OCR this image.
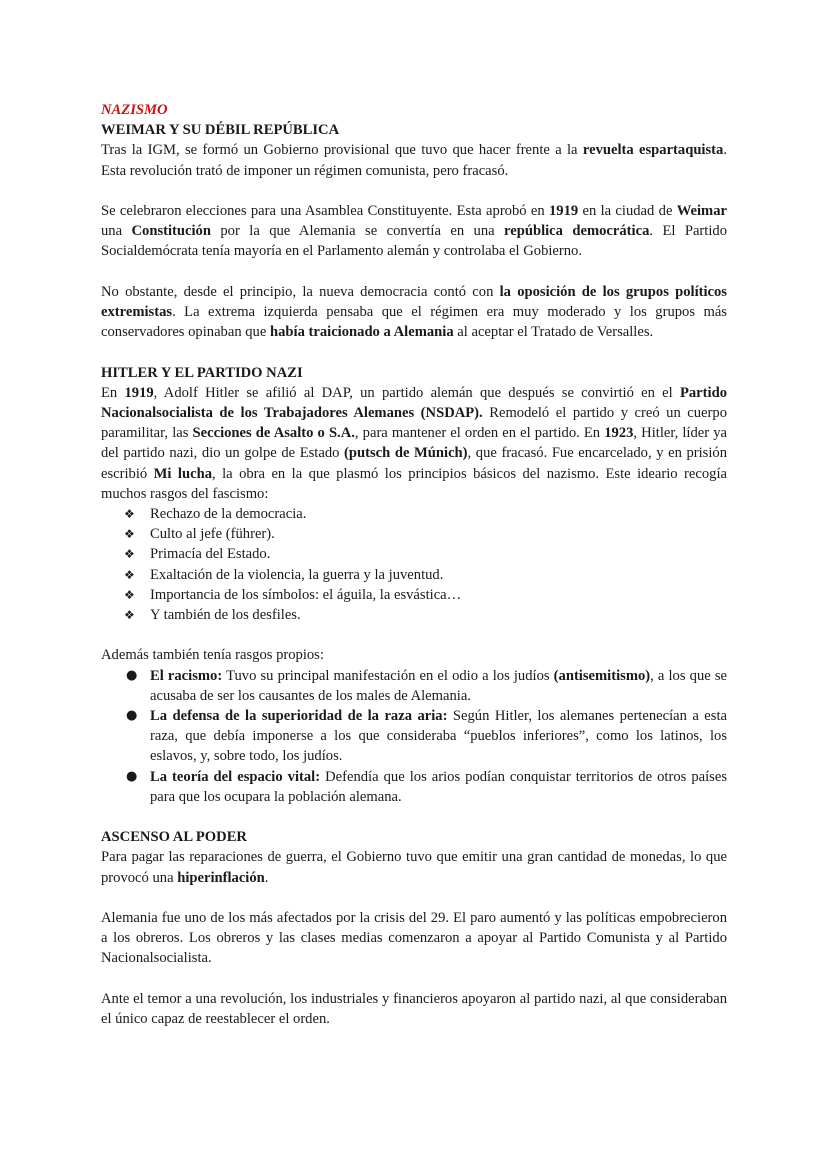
NAZISMO
WEIMAR Y SU DÉBIL REPÚBLICA

Tras la IGM, se formó un Gobierno provisional que tuvo que hacer frente a la revuelta espartaquista. Esta revolución trató de imponer un régimen comunista, pero fracasó.

Se celebraron elecciones para una Asamblea Constituyente. Esta aprobó en 1919 en la ciudad de Weimar una Constitución por la que Alemania se convertía en una república democrática. El Partido Socialdemócrata tenía mayoría en el Parlamento alemán y controlaba el Gobierno.

No obstante, desde el principio, la nueva democracia contó con la oposición de los grupos políticos extremistas. La extrema izquierda pensaba que el régimen era muy moderado y los grupos más conservadores opinaban que había traicionado a Alemania al aceptar el Tratado de Versalles.

HITLER Y EL PARTIDO NAZI

En 1919, Adolf Hitler se afilió al DAP, un partido alemán que después se convirtió en el Partido Nacionalsocialista de los Trabajadores Alemanes (NSDAP). Remodeló el partido y creó un cuerpo paramilitar, las Secciones de Asalto o S.A., para mantener el orden en el partido. En 1923, Hitler, líder ya del partido nazi, dio un golpe de Estado (putsch de Múnich), que fracasó. Fue encarcelado, y en prisión escribió Mi lucha, la obra en la que plasmó los principios básicos del nazismo. Este ideario recogía muchos rasgos del fascismo:

❖ Rechazo de la democracia.
❖ Culto al jefe (führer).
❖ Primacía del Estado.
❖ Exaltación de la violencia, la guerra y la juventud.
❖ Importancia de los símbolos: el águila, la esvástica…
❖ Y también de los desfiles.

Además también tenía rasgos propios:

● El racismo: Tuvo su principal manifestación en el odio a los judíos (antisemitismo), a los que se acusaba de ser los causantes de los males de Alemania.
● La defensa de la superioridad de la raza aria: Según Hitler, los alemanes pertenecían a esta raza, que debía imponerse a los que consideraba “pueblos inferiores”, como los latinos, los eslavos, y, sobre todo, los judíos.
● La teoría del espacio vital: Defendía que los arios podían conquistar territorios de otros países para que los ocupara la población alemana.
ASCENSO AL PODER

Para pagar las reparaciones de guerra, el Gobierno tuvo que emitir una gran cantidad de monedas, lo que provocó una hiperinflación.

Alemania fue uno de los más afectados por la crisis del 29. El paro aumentó y las políticas empobrecieron a los obreros. Los obreros y las clases medias comenzaron a apoyar al Partido Comunista y al Partido Nacionalsocialista.

Ante el temor a una revolución, los industriales y financieros apoyaron al partido nazi, al que consideraban el único capaz de reestablecer el orden.
